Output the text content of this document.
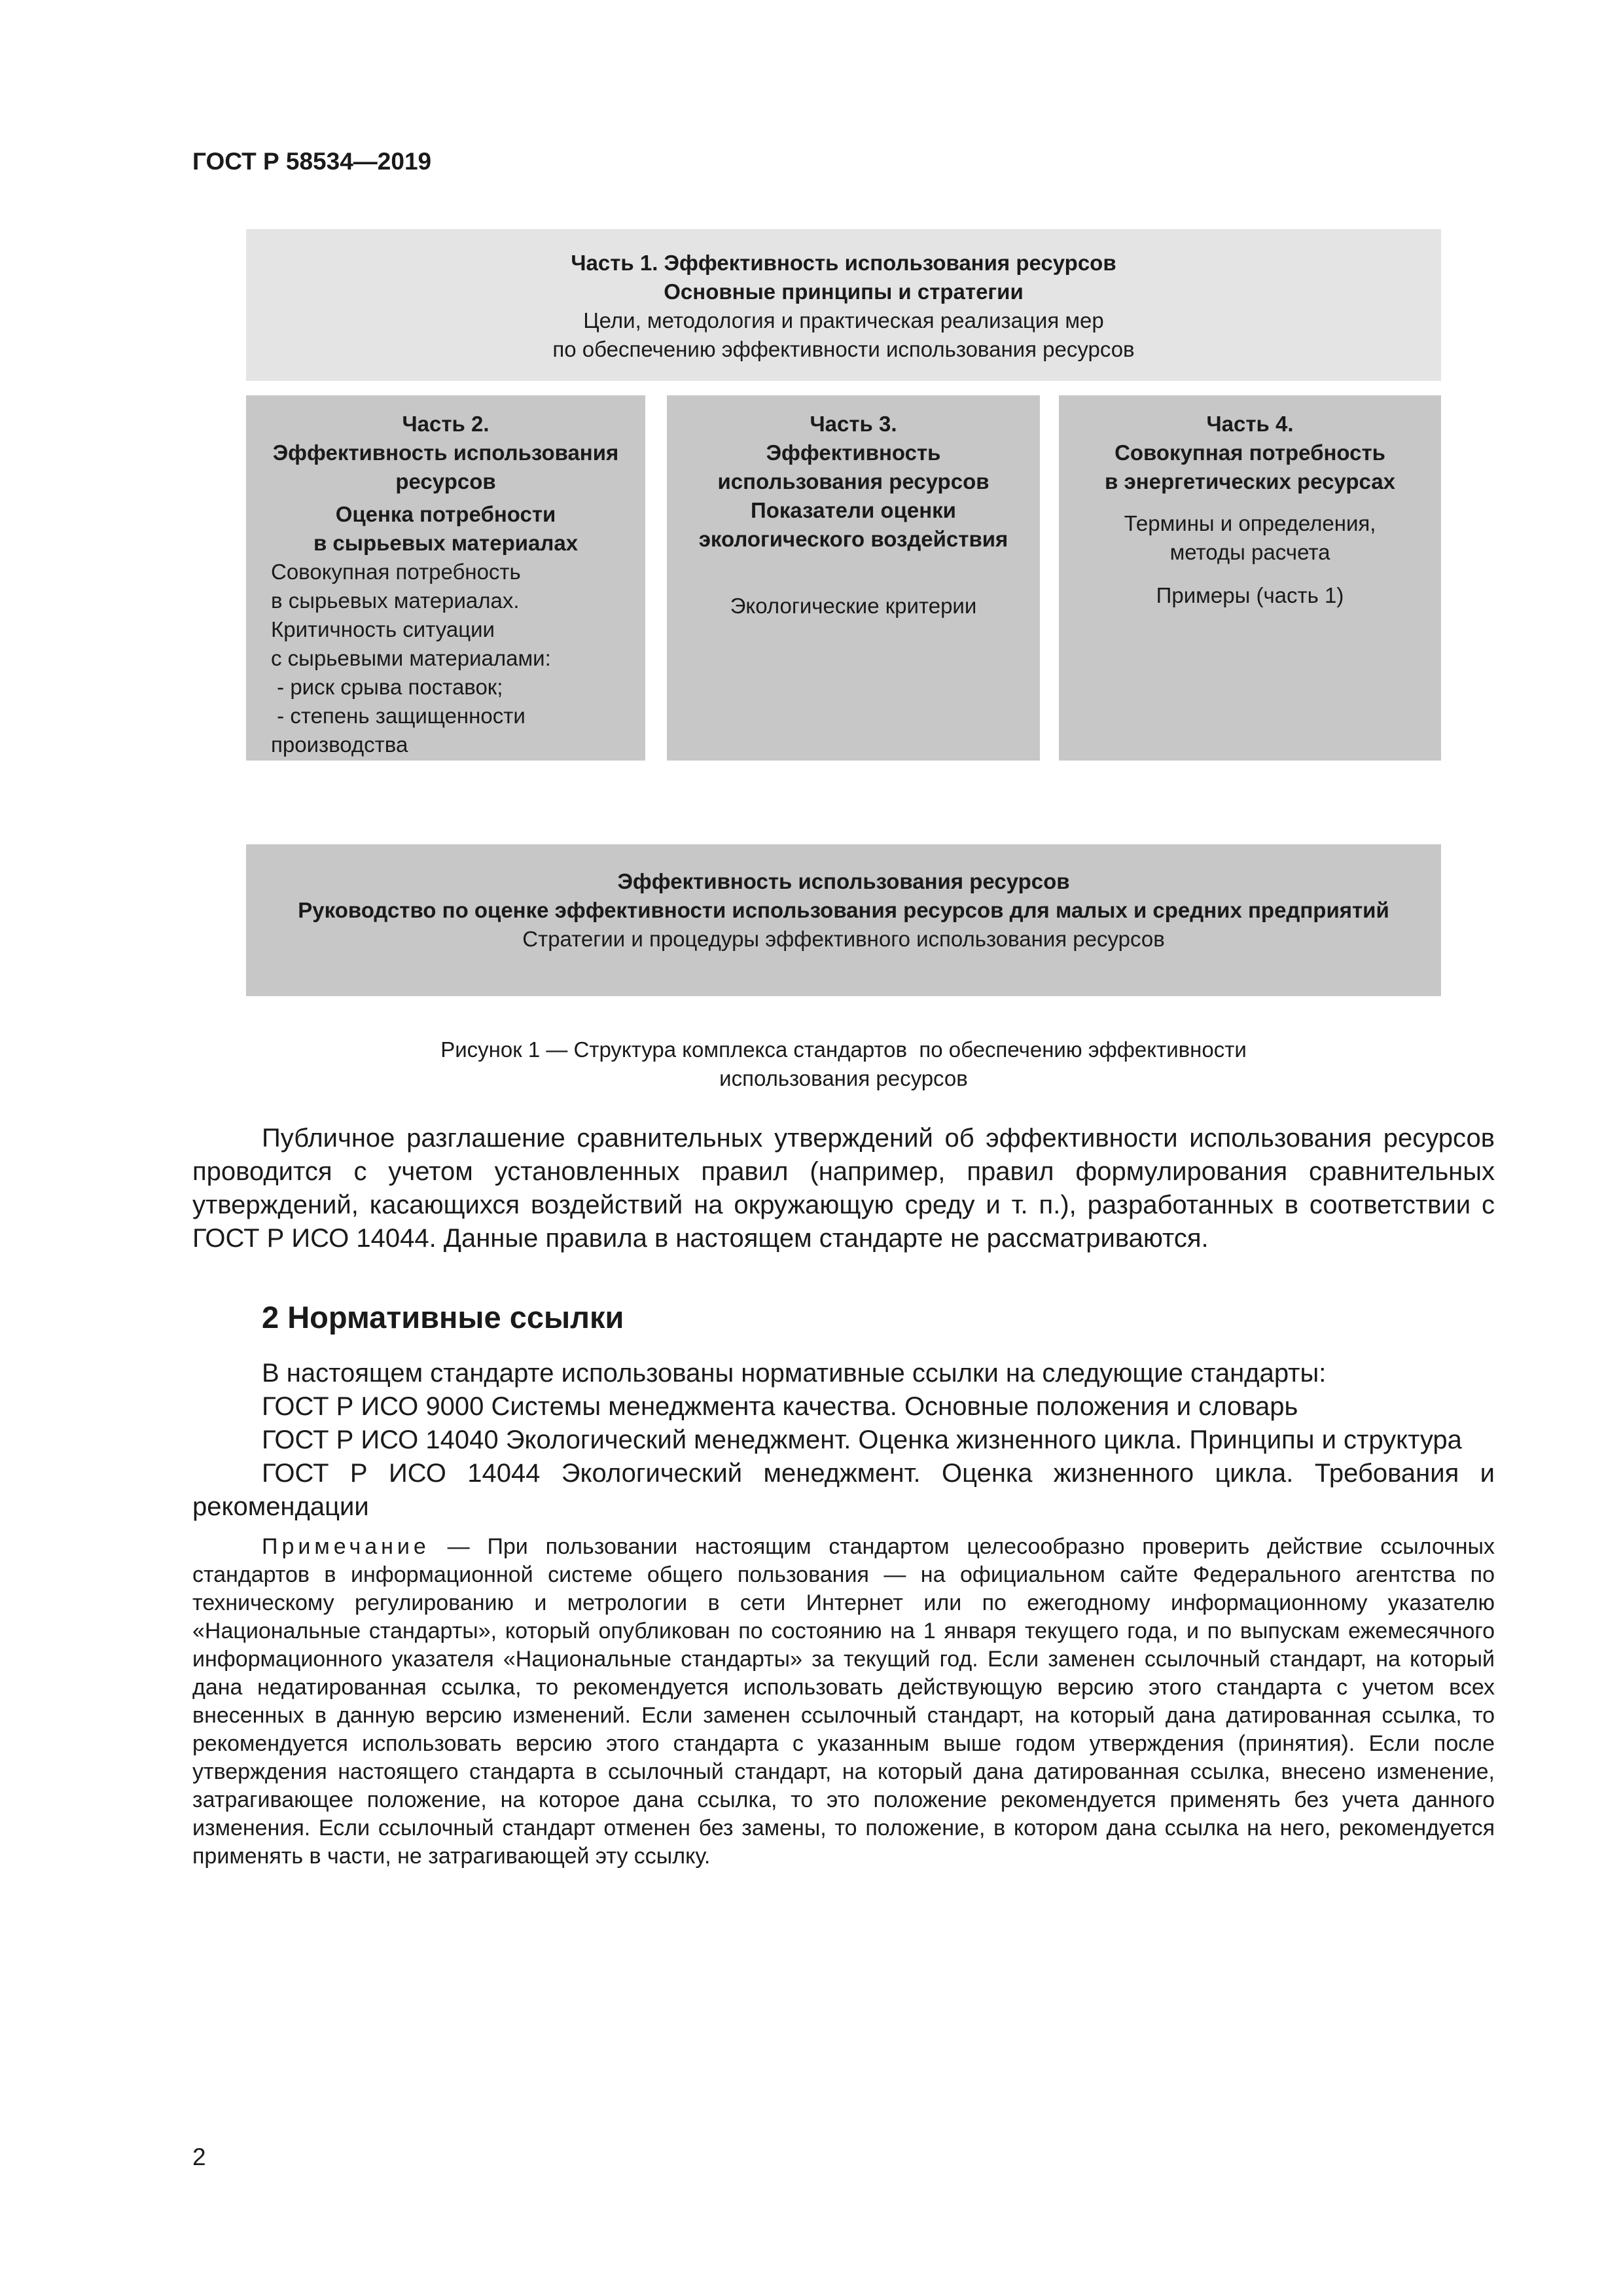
ГОСТ Р 58534—2019
Часть 1. Эффективность использования ресурсов
Основные принципы и стратегии
Цели, методология и практическая реализация мер
по обеспечению эффективности использования ресурсов
Часть 2.
Эффективность использования
ресурсов
Оценка потребности
в сырьевых материалах
Совокупная потребность
в сырьевых материалах.
Критичность ситуации
с сырьевыми материалами:
- риск срыва поставок;
- степень защищенности
производства
Часть 3.
Эффективность
использования ресурсов
Показатели оценки
экологического воздействия
Экологические критерии
Часть 4.
Совокупная потребность
в энергетических ресурсах
Термины и определения,
методы расчета
Примеры (часть 1)
Эффективность использования ресурсов
Руководство по оценке эффективности использования ресурсов для малых и средних предприятий
Стратегии и процедуры эффективного использования ресурсов
Рисунок 1 — Структура комплекса стандартов  по обеспечению эффективности
использования ресурсов
Публичное разглашение сравнительных утверждений об эффективности использования ресурсов проводится с учетом установленных правил (например, правил формулирования сравнительных утверждений, касающихся воздействий на окружающую среду и т. п.), разработанных в соответствии с ГОСТ Р ИСО 14044. Данные правила в настоящем стандарте не рассматриваются.
2 Нормативные ссылки
В настоящем стандарте использованы нормативные ссылки на следующие стандарты:
ГОСТ Р ИСО 9000 Системы менеджмента качества. Основные положения и словарь
ГОСТ Р ИСО 14040 Экологический менеджмент. Оценка жизненного цикла. Принципы и структура
ГОСТ Р ИСО 14044 Экологический менеджмент. Оценка жизненного цикла. Требования и рекомендации
Примечание — При пользовании настоящим стандартом целесообразно проверить действие ссылочных стандартов в информационной системе общего пользования — на официальном сайте Федерального агентства по техническому регулированию и метрологии в сети Интернет или по ежегодному информационному указателю «Национальные стандарты», который опубликован по состоянию на 1 января текущего года, и по выпускам ежемесячного информационного указателя «Национальные стандарты» за текущий год. Если заменен ссылочный стандарт, на который дана недатированная ссылка, то рекомендуется использовать действующую версию этого стандарта с учетом всех внесенных в данную версию изменений. Если заменен ссылочный стандарт, на который дана датированная ссылка, то рекомендуется использовать версию этого стандарта с указанным выше годом утверждения (принятия). Если после утверждения настоящего стандарта в ссылочный стандарт, на который дана датированная ссылка, внесено изменение, затрагивающее положение, на которое дана ссылка, то это положение рекомендуется применять без учета данного изменения. Если ссылочный стандарт отменен без замены, то положение, в котором дана ссылка на него, рекомендуется применять в части, не затрагивающей эту ссылку.
2
